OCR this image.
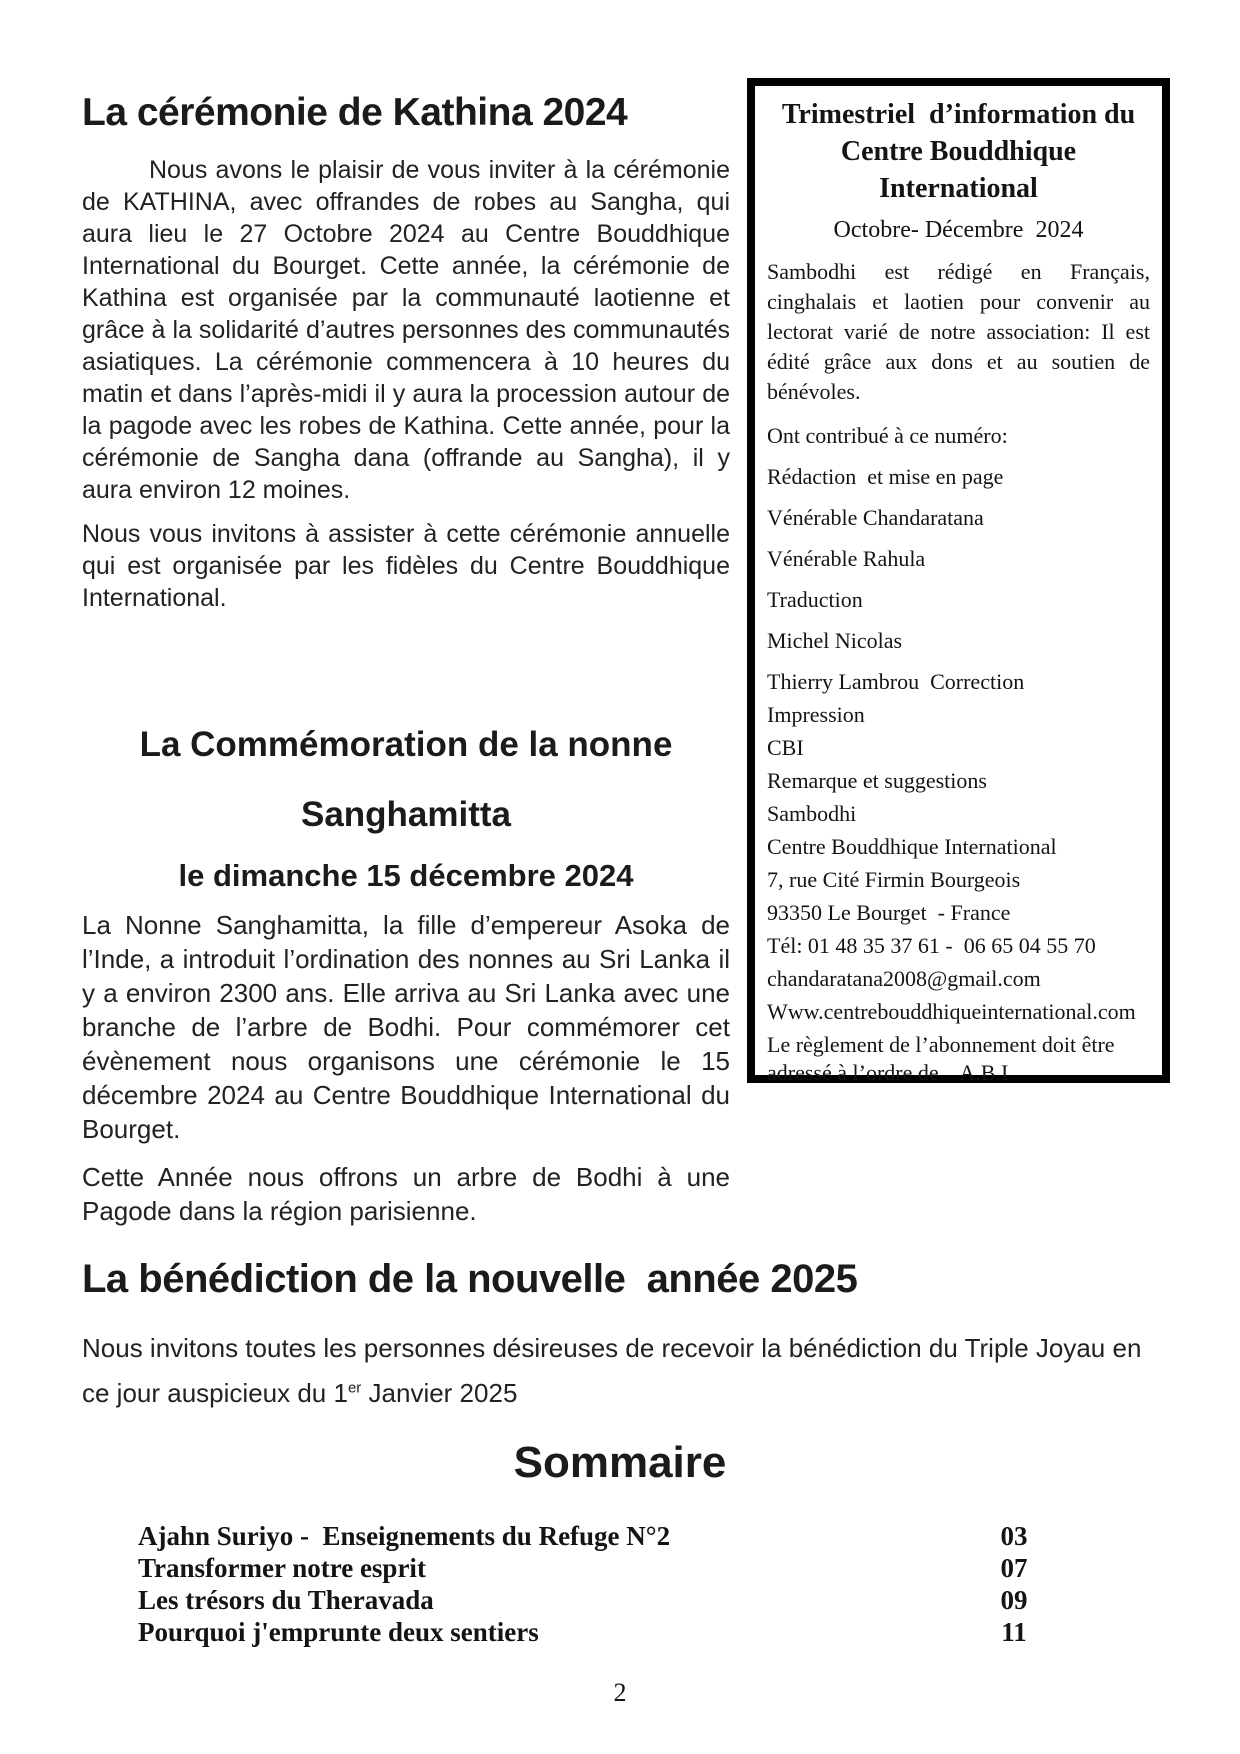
La cérémonie de Kathina 2024

Nous avons le plaisir de vous inviter à la cérémonie de KATHINA, avec offrandes de robes au Sangha, qui aura lieu le 27 Octobre 2024 au Centre Bouddhique International du Bourget. Cette année, la cérémonie de Kathina est organisée par la communauté laotienne et grâce à la solidarité d’autres personnes des communautés asiatiques. La cérémonie commencera à 10 heures du matin et dans l’après-midi il y aura la procession autour de la pagode avec les robes de Kathina. Cette année, pour la cérémonie de Sangha dana (offrande au Sangha), il y aura environ 12 moines.

Nous vous invitons à assister à cette cérémonie annuelle qui est organisée par les fidèles du Centre Bouddhique International.

Trimestriel  d’information du
Centre Bouddhique
International
Octobre- Décembre  2024
Sambodhi est rédigé en Français, cinghalais et laotien pour convenir au lectorat varié de notre association: Il est édité grâce aux dons et au soutien de bénévoles.
Ont contribué à ce numéro:
Rédaction  et mise en page
Vénérable Chandaratana
Vénérable Rahula
Traduction
Michel Nicolas
Thierry Lambrou  Correction
Impression
CBI
Remarque et suggestions
Sambodhi
Centre Bouddhique International
7, rue Cité Firmin Bourgeois
93350 Le Bourget  - France
Tél: 01 48 35 37 61 -  06 65 04 55 70
chandaratana2008@gmail.com
Www.centrebouddhiqueinternational.com
Le règlement de l’abonnement doit être adressé à l’ordre de    A.B.I
La Commémoration de la nonne Sanghamitta
le dimanche 15 décembre 2024

La Nonne Sanghamitta, la fille d’empereur Asoka de l’Inde, a introduit l’ordination des nonnes au Sri Lanka il y a environ 2300 ans. Elle arriva au Sri Lanka avec une branche de l’arbre de Bodhi. Pour commémorer cet évènement nous organisons une cérémonie le 15 décembre 2024 au Centre Bouddhique International du Bourget.

Cette Année nous offrons un arbre de Bodhi à une Pagode dans la région parisienne.

La bénédiction de la nouvelle  année 2025

Nous invitons toutes les personnes désireuses de recevoir la bénédiction du Triple Joyau en ce jour auspicieux du 1er Janvier 2025

Sommaire
Ajahn Suriyo -  Enseignements du Refuge N°2	03
Transformer notre esprit	07
Les trésors du Theravada	09
Pourquoi j'emprunte deux sentiers	11
2
